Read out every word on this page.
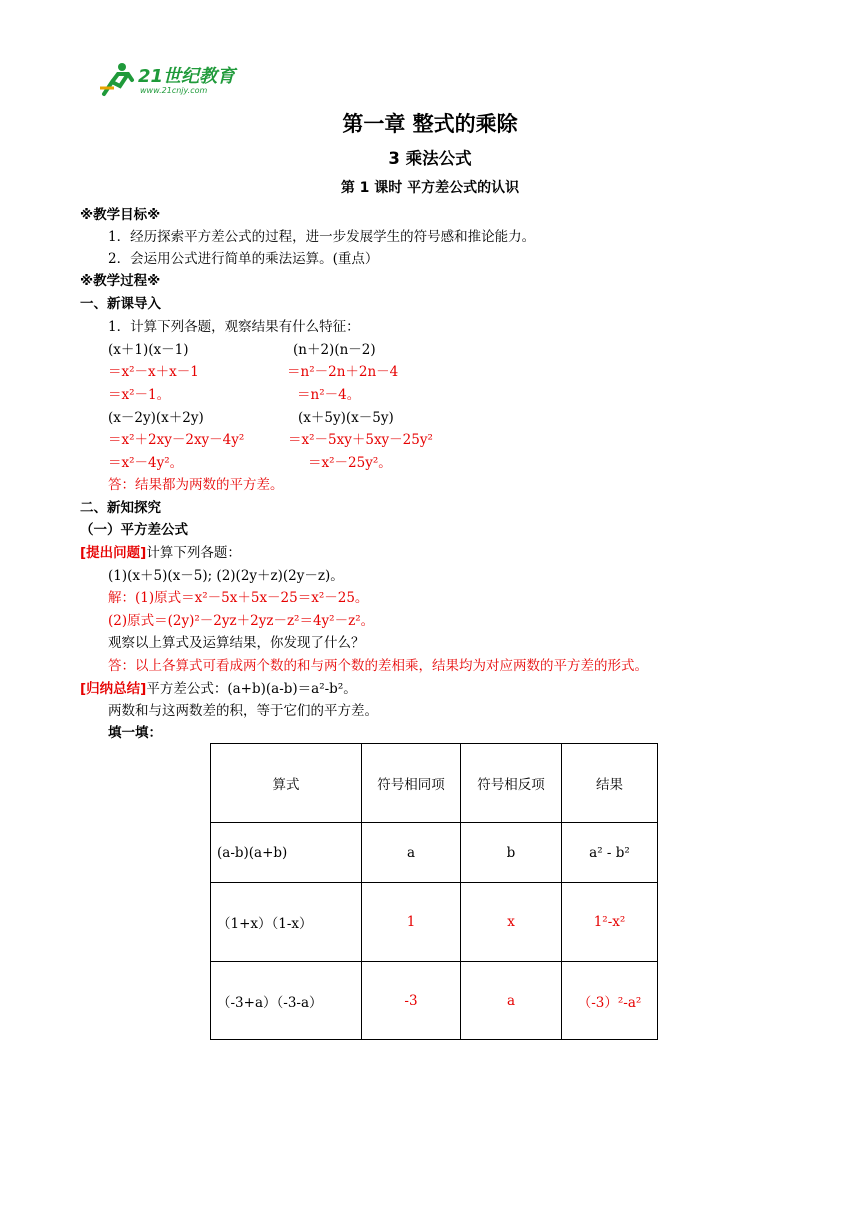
21世纪教育
www.21cnjy.com
第一章 整式的乘除
3 乘法公式
第 1 课时 平方差公式的认识
※教学目标※
1．经历探索平方差公式的过程，进一步发展学生的符号感和推论能力。
2．会运用公式进行简单的乘法运算。(重点）
※教学过程※
一、新课导入
1．计算下列各题，观察结果有什么特征：
(x＋1)(x－1)
＝x²－x＋x－1
＝x²－1。
(n＋2)(n－2)
＝n²－2n＋2n－4
＝n²－4。
(x－2y)(x＋2y)
＝x²＋2xy－2xy－4y²
＝x²－4y²。
(x＋5y)(x－5y)
＝x²－5xy＋5xy－25y²
＝x²－25y²。
答：结果都为两数的平方差。
二、新知探究
（一）平方差公式
[提出问题]计算下列各题：
(1)(x＋5)(x－5); (2)(2y＋z)(2y－z)。
解：(1)原式＝x²－5x＋5x－25＝x²－25。
(2)原式＝(2y)²－2yz＋2yz－z²＝4y²－z²。
观察以上算式及运算结果，你发现了什么？
答：以上各算式可看成两个数的和与两个数的差相乘，结果均为对应两数的平方差的形式。
[归纳总结]平方差公式：(a+b)(a-b)＝a²-b²。
两数和与这两数差的积，等于它们的平方差。
填一填：
算式	符号相同项	符号相反项	结果
(a-b)(a+b)	a	b	a² - b²
（1+x）（1-x）	1	x	1²-x²
（-3+a）（-3-a）	-3	a	（-3）²-a²
